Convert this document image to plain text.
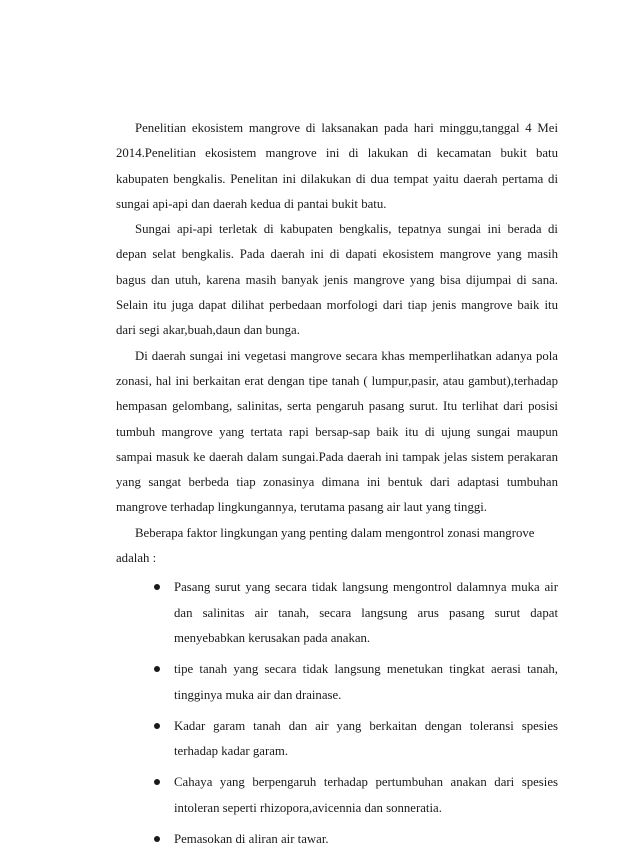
Penelitian ekosistem mangrove di laksanakan pada hari minggu,tanggal 4 Mei 2014.Penelitian ekosistem mangrove ini di lakukan di kecamatan bukit batu kabupaten bengkalis. Penelitan ini dilakukan di dua tempat yaitu daerah pertama di sungai api-api dan daerah kedua di pantai bukit batu.

Sungai api-api terletak di kabupaten bengkalis, tepatnya sungai ini berada di depan selat bengkalis. Pada daerah ini di dapati ekosistem mangrove yang masih bagus dan utuh, karena masih banyak jenis mangrove yang bisa dijumpai di sana. Selain itu juga dapat dilihat perbedaan morfologi dari tiap jenis mangrove baik itu dari segi akar,buah,daun dan bunga.

Di daerah sungai ini vegetasi mangrove secara khas memperlihatkan adanya pola zonasi, hal ini berkaitan erat dengan tipe tanah ( lumpur,pasir, atau gambut),terhadap hempasan gelombang, salinitas, serta pengaruh pasang surut. Itu terlihat dari posisi tumbuh mangrove yang tertata rapi bersap-sap baik itu di ujung sungai maupun sampai masuk ke daerah dalam sungai.Pada daerah ini tampak jelas sistem perakaran yang sangat berbeda tiap zonasinya dimana ini bentuk dari adaptasi tumbuhan mangrove terhadap lingkungannya, terutama pasang air laut yang tinggi.

Beberapa faktor lingkungan yang penting dalam mengontrol zonasi mangrove adalah :

Pasang surut yang secara tidak langsung mengontrol dalamnya muka air dan salinitas air tanah, secara langsung arus pasang surut dapat menyebabkan kerusakan pada anakan.
tipe tanah yang secara tidak langsung menetukan tingkat aerasi tanah, tingginya muka air dan drainase.
Kadar garam tanah dan air yang berkaitan dengan toleransi spesies terhadap kadar garam.
Cahaya yang berpengaruh terhadap pertumbuhan anakan dari spesies intoleran seperti rhizopora,avicennia dan sonneratia.
Pemasokan di aliran air tawar.
